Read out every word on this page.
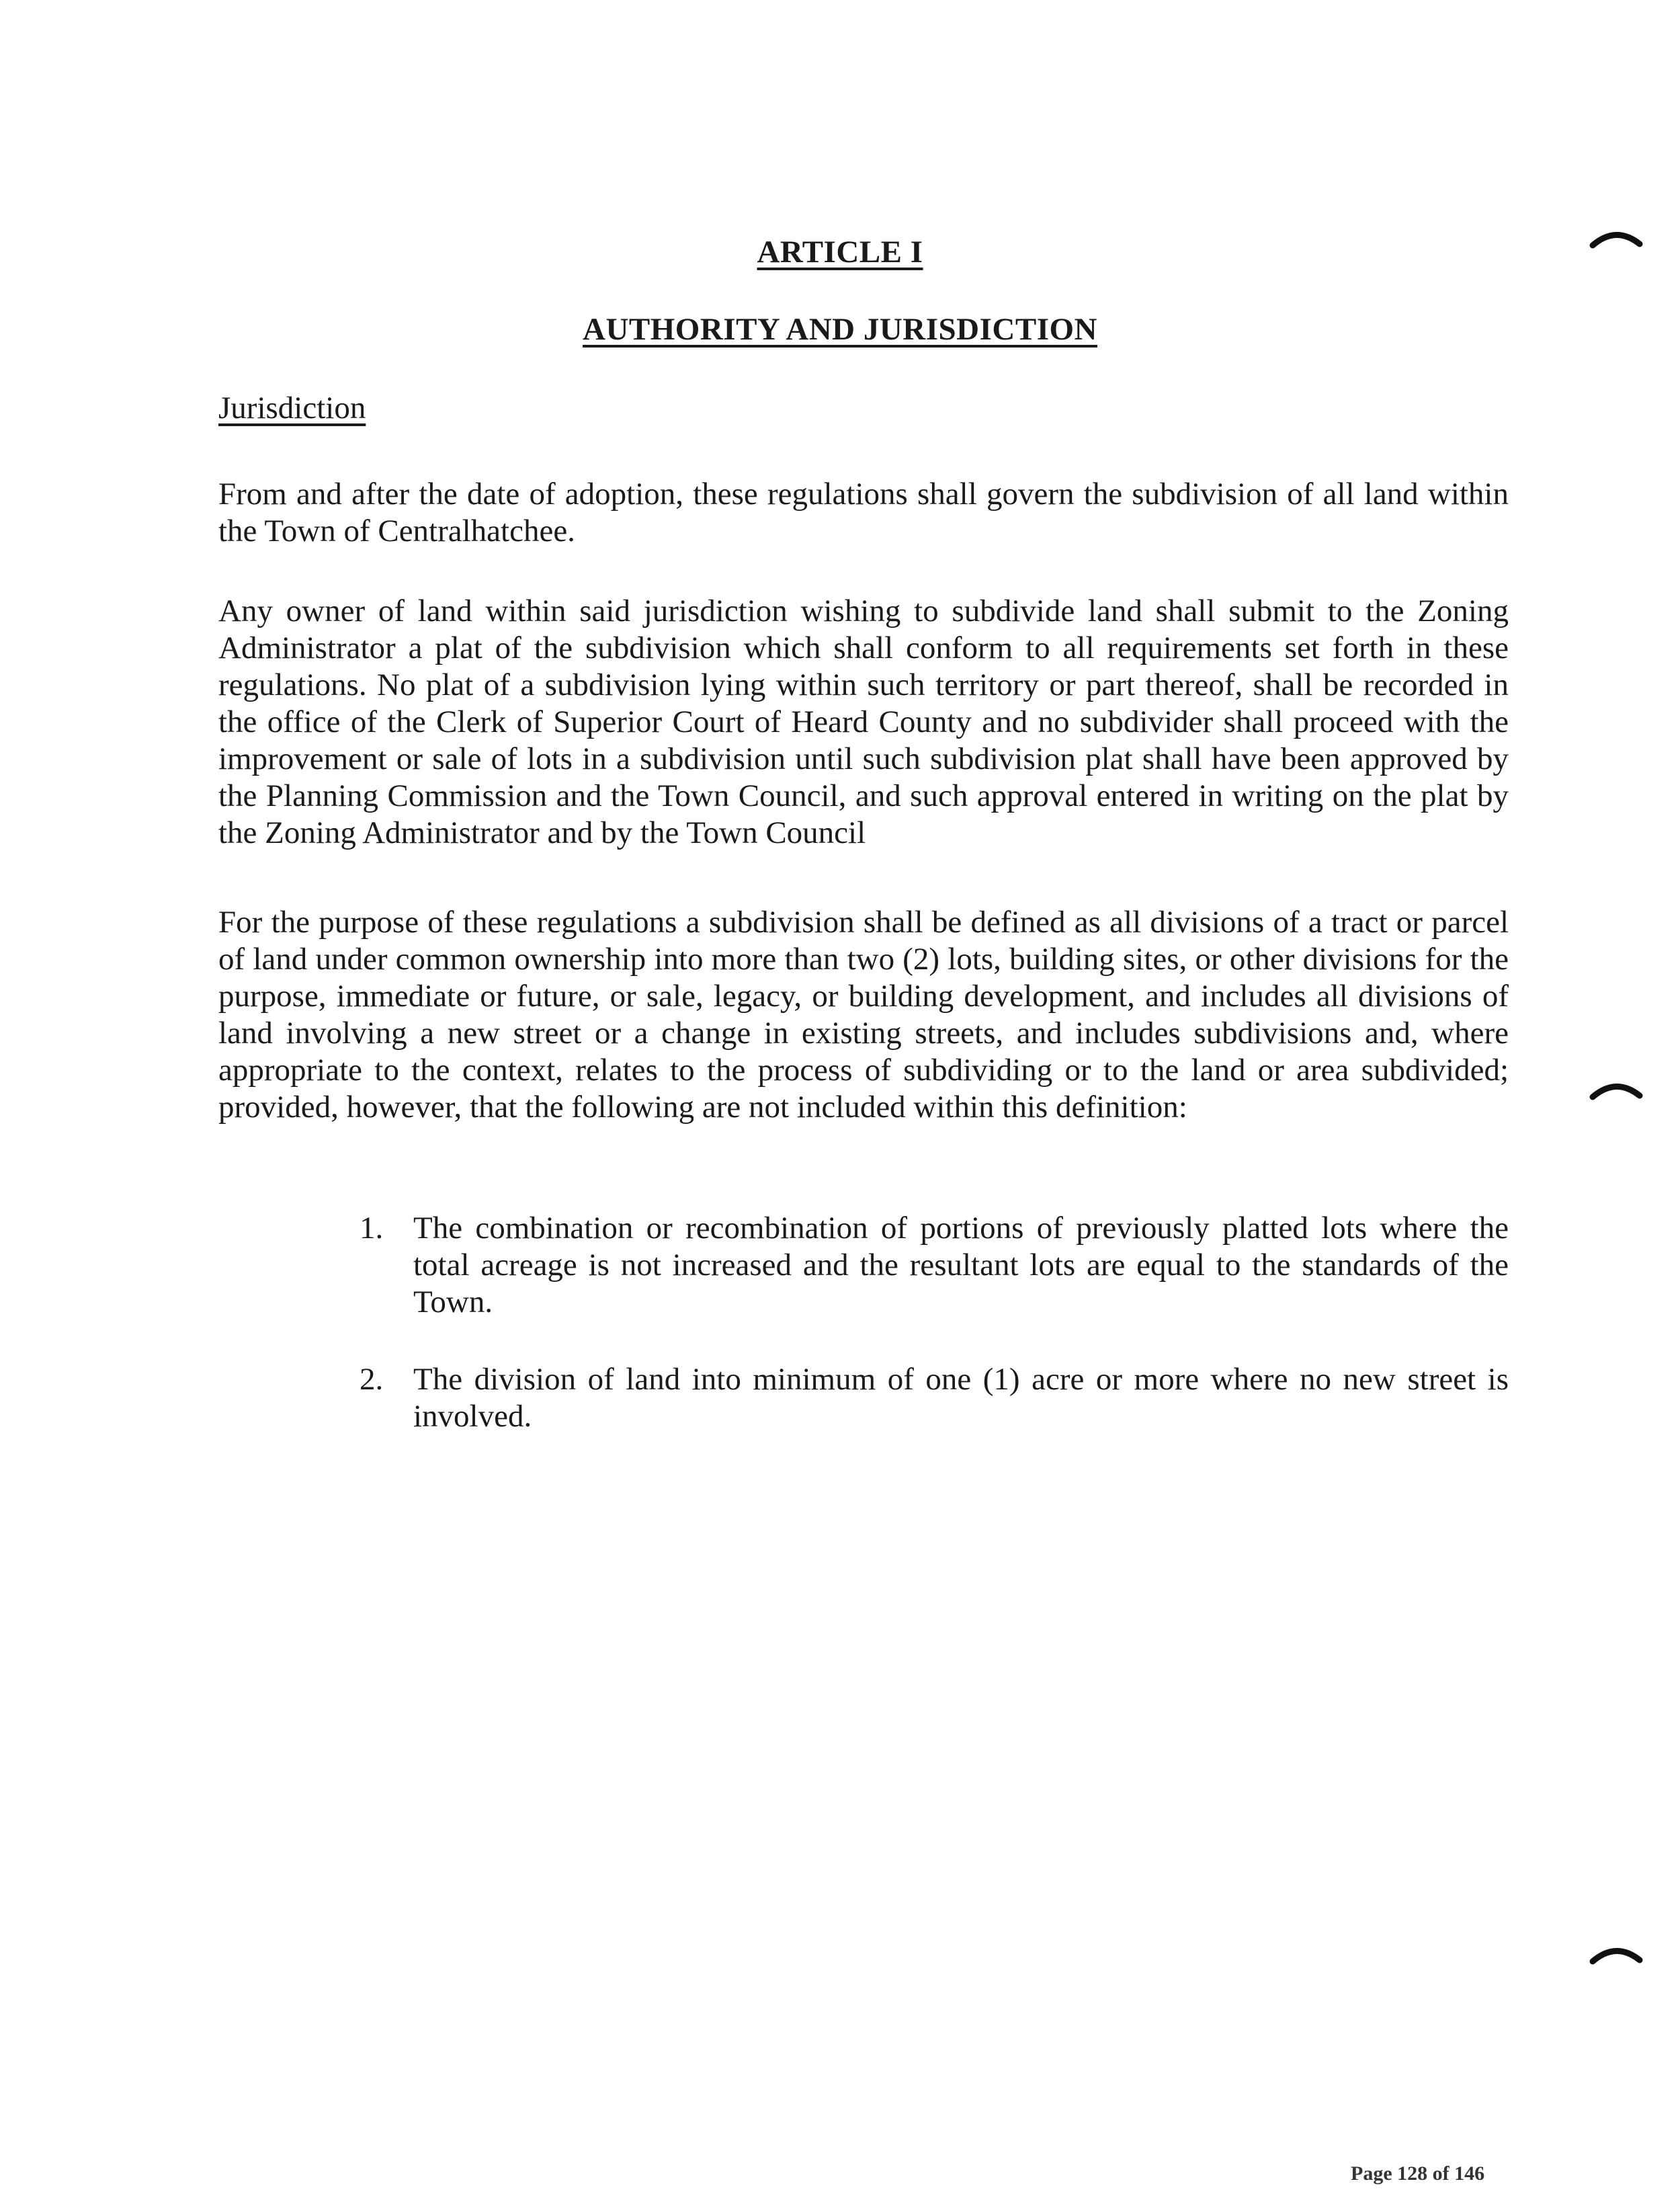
ARTICLE I
AUTHORITY AND JURISDICTION
Jurisdiction

From and after the date of adoption, these regulations shall govern the subdivision of all land within the Town of Centralhatchee.

Any owner of land within said jurisdiction wishing to subdivide land shall submit to the Zoning Administrator a plat of the subdivision which shall conform to all requirements set forth in these regulations. No plat of a subdivision lying within such territory or part thereof, shall be recorded in the office of the Clerk of Superior Court of Heard County and no subdivider shall proceed with the improvement or sale of lots in a subdivision until such subdivision plat shall have been approved by the Planning Commission and the Town Council, and such approval entered in writing on the plat by the Zoning Administrator and by the Town Council

For the purpose of these regulations a subdivision shall be defined as all divisions of a tract or parcel of land under common ownership into more than two (2) lots, building sites, or other divisions for the purpose, immediate or future, or sale, legacy, or building development, and includes all divisions of land involving a new street or a change in existing streets, and includes subdivisions and, where appropriate to the context, relates to the process of subdividing or to the land or area subdivided; provided, however, that the following are not included within this definition:

1. The combination or recombination of portions of previously platted lots where the total acreage is not increased and the resultant lots are equal to the standards of the Town.
2. The division of land into minimum of one (1) acre or more where no new street is involved.
Page 128 of 146
